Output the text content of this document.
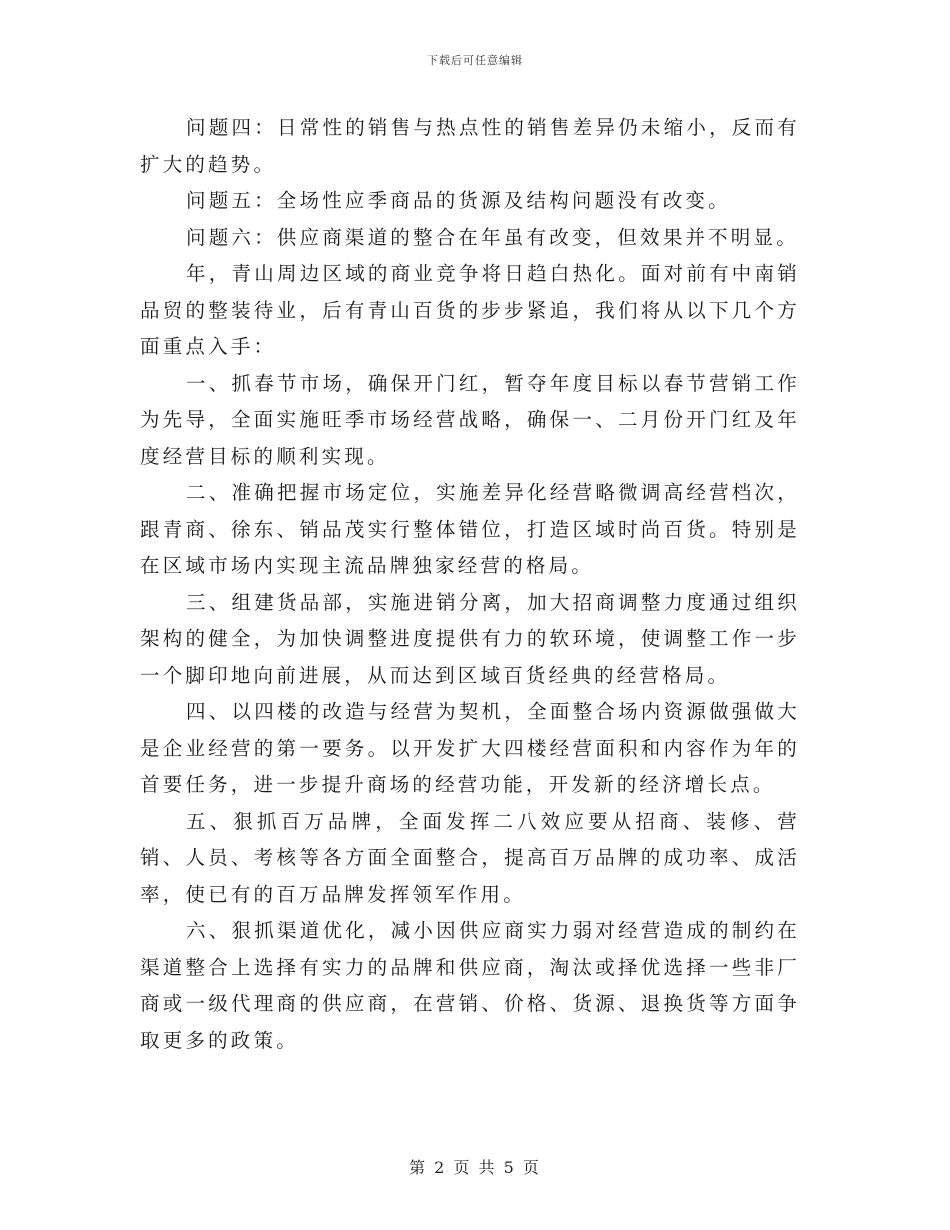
下载后可任意编辑

问题四：日常性的销售与热点性的销售差异仍未缩小，反而有扩大的趋势。

问题五：全场性应季商品的货源及结构问题没有改变。

问题六：供应商渠道的整合在年虽有改变，但效果并不明显。

年，青山周边区域的商业竞争将日趋白热化。面对前有中南销品贸的整装待业，后有青山百货的步步紧追，我们将从以下几个方面重点入手：

一、抓春节市场，确保开门红，暂夺年度目标以春节营销工作为先导，全面实施旺季市场经营战略，确保一、二月份开门红及年度经营目标的顺利实现。

二、准确把握市场定位，实施差异化经营略微调高经营档次，跟青商、徐东、销品茂实行整体错位，打造区域时尚百货。特别是在区域市场内实现主流品牌独家经营的格局。

三、组建货品部，实施进销分离，加大招商调整力度通过组织架构的健全，为加快调整进度提供有力的软环境，使调整工作一步一个脚印地向前进展，从而达到区域百货经典的经营格局。

四、以四楼的改造与经营为契机，全面整合场内资源做强做大是企业经营的第一要务。以开发扩大四楼经营面积和内容作为年的首要任务，进一步提升商场的经营功能，开发新的经济增长点。

五、狠抓百万品牌，全面发挥二八效应要从招商、装修、营销、人员、考核等各方面全面整合，提高百万品牌的成功率、成活率，使已有的百万品牌发挥领军作用。

六、狠抓渠道优化，减小因供应商实力弱对经营造成的制约在渠道整合上选择有实力的品牌和供应商，淘汰或择优选择一些非厂商或一级代理商的供应商，在营销、价格、货源、退换货等方面争取更多的政策。

第 2 页 共 5 页
